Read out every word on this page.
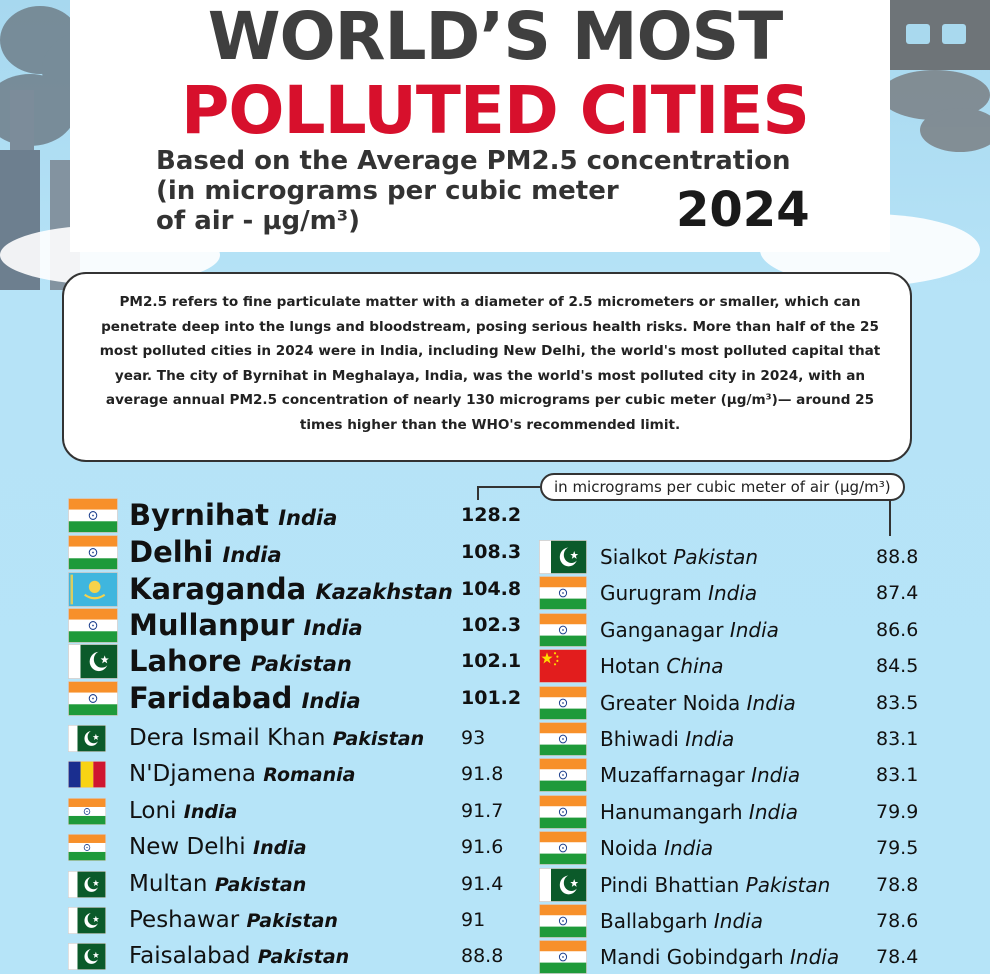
WORLD’S MOST
POLLUTED CITIES
Based on the Average PM2.5 concentration
(in micrograms per cubic meter
of air - µg/m³)	2024

PM2.5 refers to fine particulate matter with a diameter of 2.5 micrometers or smaller, which can penetrate deep into the lungs and bloodstream, posing serious health risks. More than half of the 25 most polluted cities in 2024 were in India, including New Delhi, the world's most polluted capital that year. The city of Byrnihat in Meghalaya, India, was the world's most polluted city in 2024, with an average annual PM2.5 concentration of nearly 130 micrograms per cubic meter (µg/m³)— around 25 times higher than the WHO's recommended limit.

in micrograms per cubic meter of air (µg/m³)
Byrnihat India	128.2
Delhi India	108.3
Karaganda Kazakhstan 104.8
Mullanpur India	102.3
Lahore Pakistan	102.1
Faridabad India	101.2
Dera Ismail Khan Pakistan 93
N'Djamena Romania	91.8
Loni India	91.7
New Delhi India	91.6
Multan Pakistan	91.4
Peshawar Pakistan	91
Faisalabad Pakistan	88.8
Sialkot Pakistan	88.8
Gurugram India	87.4
Ganganagar India	86.6
Hotan China	84.5
Greater Noida India	83.5
Bhiwadi India	83.1
Muzaffarnagar India	83.1
Hanumangarh India	79.9
Noida India	79.5
Pindi Bhattian Pakistan 78.8
Ballabgarh India	78.6
Mandi Gobindgarh India 78.4
